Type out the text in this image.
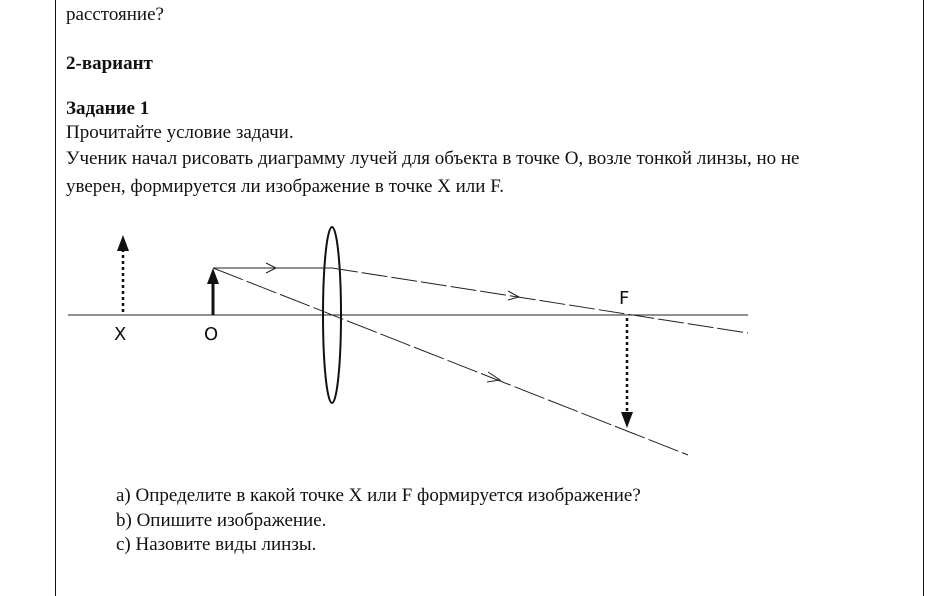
расстояние?
2-вариант
Задание 1
Прочитайте условие задачи.
Ученик начал рисовать диаграмму лучей для объекта в точке O, возле тонкой линзы, но не
уверен, формируется ли изображение в точке X или F.
X	O
F
a) Определите в какой точке X или F формируется изображение?
b) Опишите изображение.
c) Назовите виды линзы.
